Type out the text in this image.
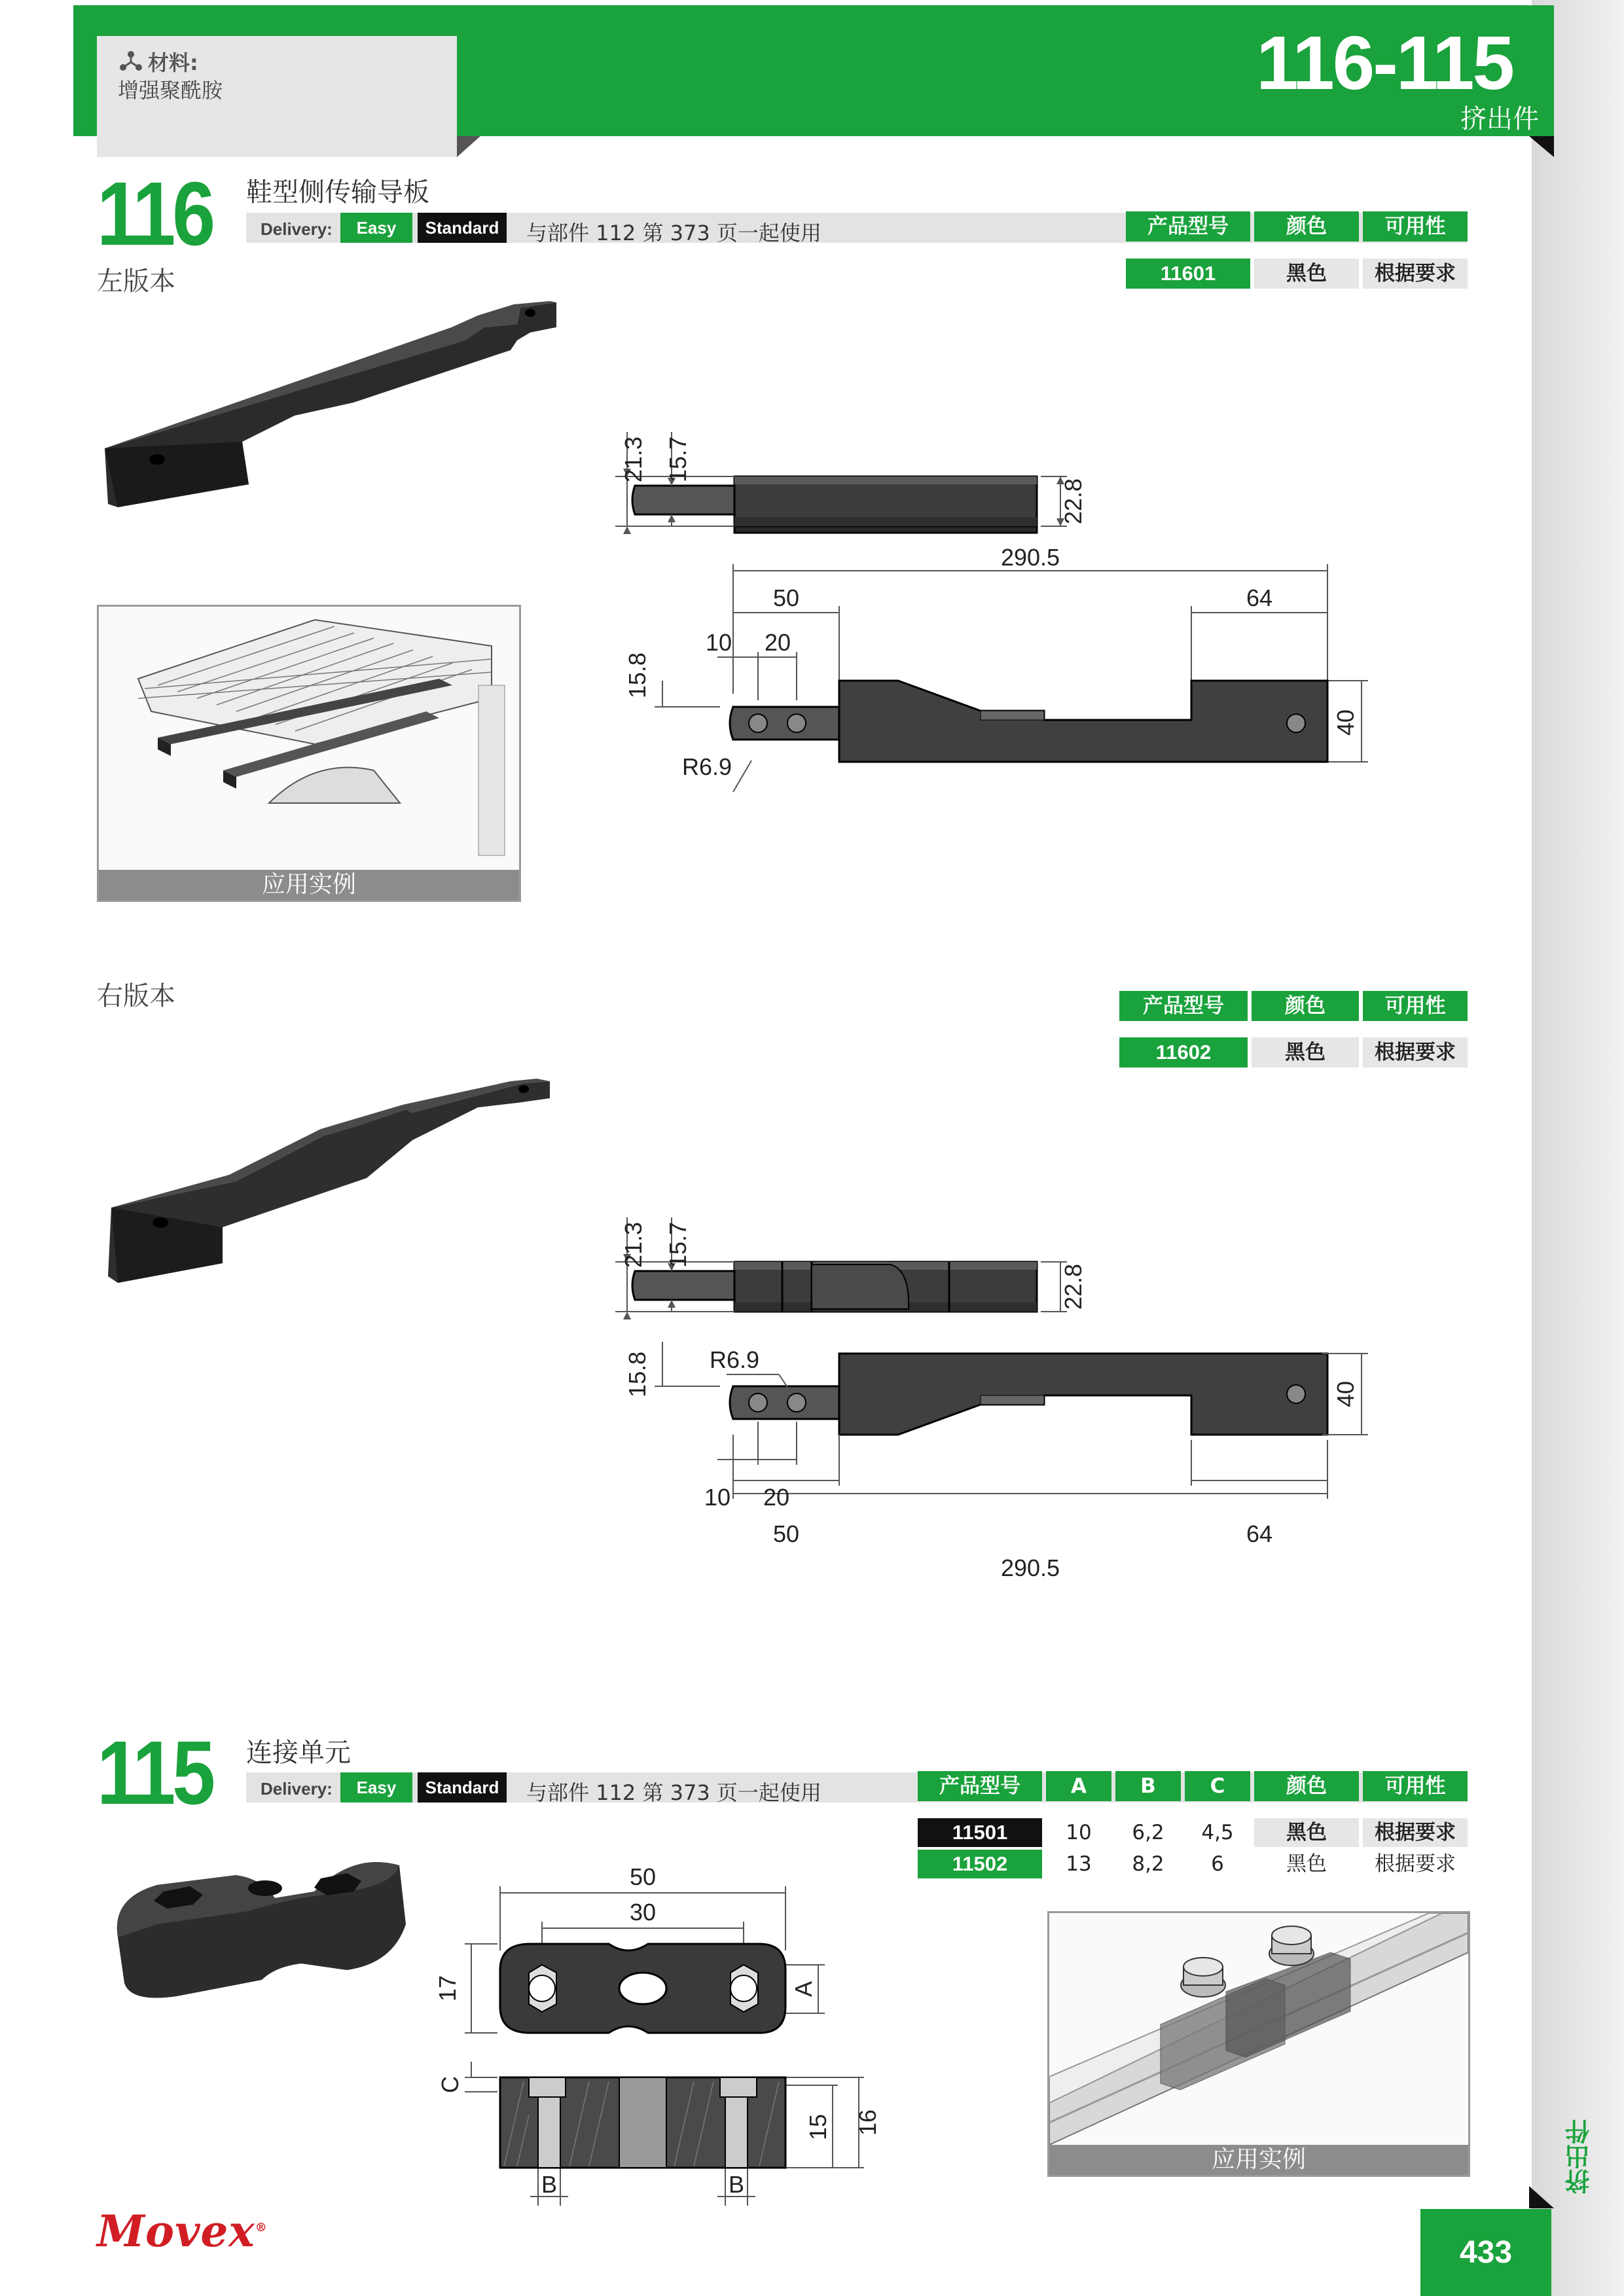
挤出件
材料:
增强聚酰胺	116-115
挤出件
116 鞋型侧传输导板
Delivery:	Easy	Standard	与部件 112 第 373 页一起使用
左版本
产品型号	颜色	可用性
11601	黑色	根据要求
应用实例
21.3 15.7
22.8
290.5
50	64
10 20
15.8
R6.9
40
右版本	产品型号	颜色	可用性
11602	黑色	根据要求
21.3 15.7
22.8
15.8 R6.9
40
10 20
50	64
290.5
115 连接单元
Delivery:	Easy	Standard	与部件 112 第 373 页一起使用	产品型号	A	B	C	颜色	可用性
11501	10	6,2	4,5	黑色	根据要求
11502	13	8,2	6	黑色	根据要求
50
30
17	A
C
15 16
B	B
应用实例
Movex®
433
